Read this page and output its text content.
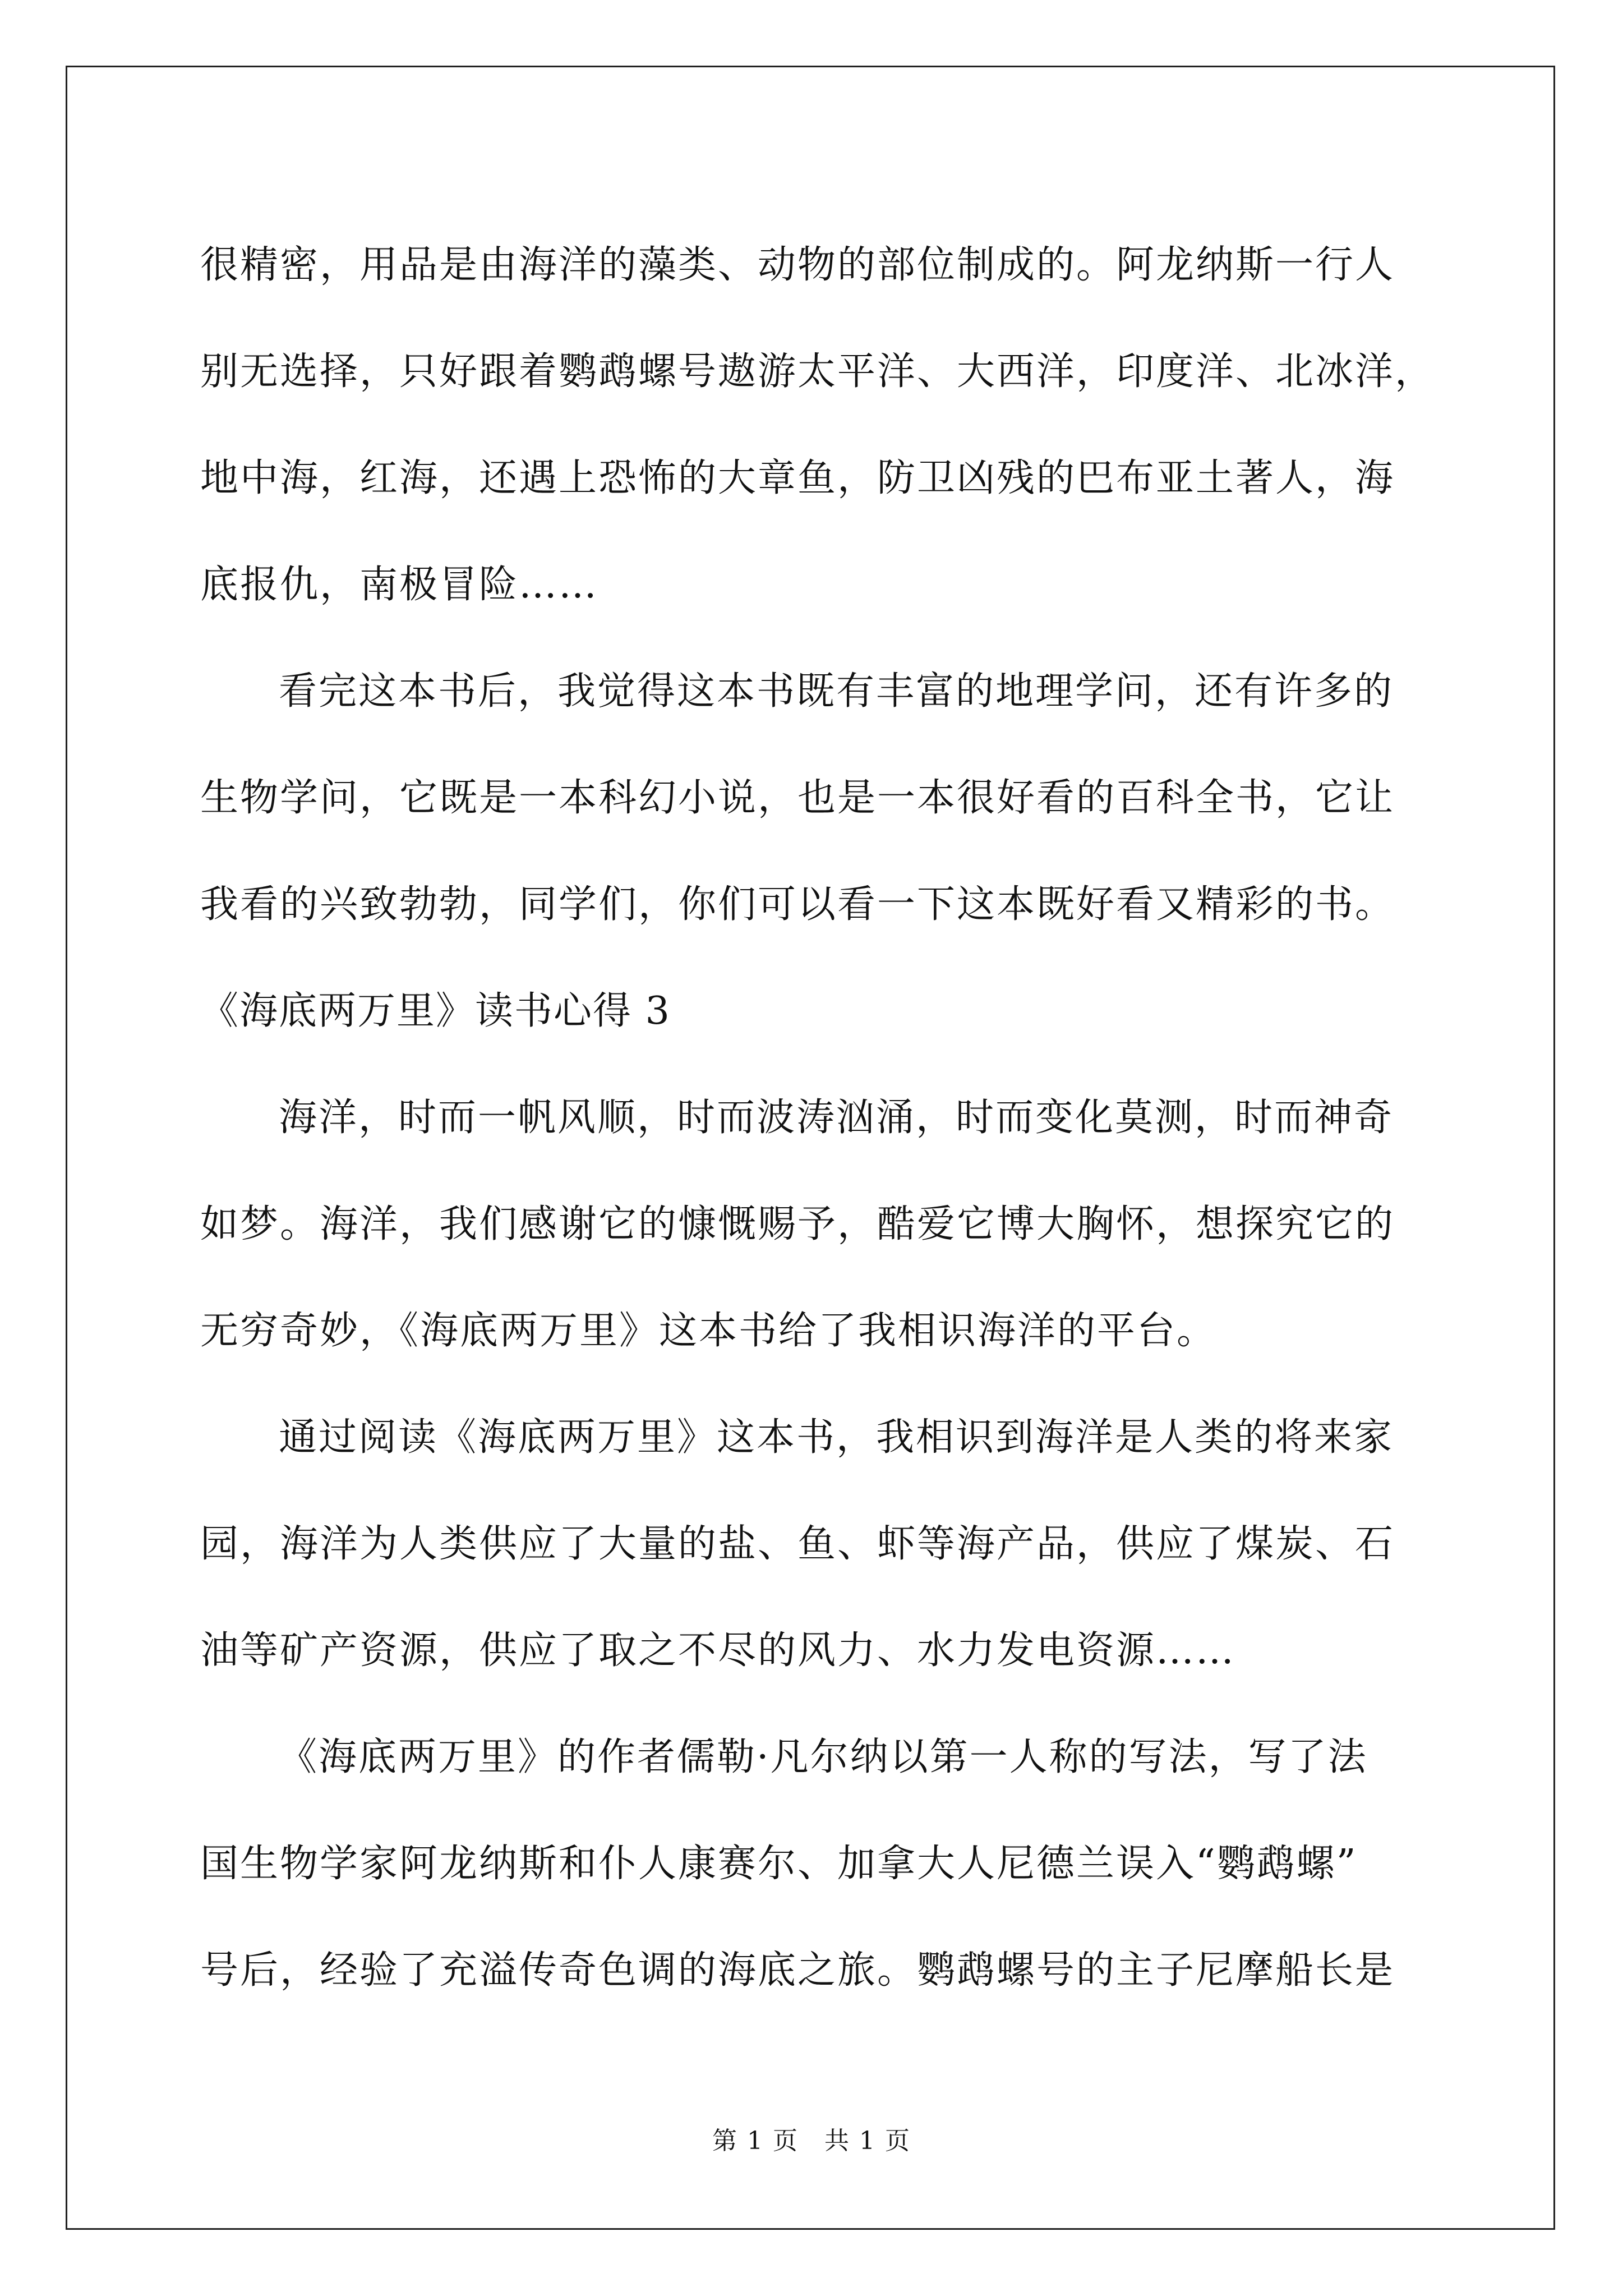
很精密，用品是由海洋的藻类、动物的部位制成的。阿龙纳斯一行人
别无选择，只好跟着鹦鹉螺号遨游太平洋、大西洋，印度洋、北冰洋，
地中海，红海，还遇上恐怖的大章鱼，防卫凶残的巴布亚土著人，海
底报仇，南极冒险……
看完这本书后，我觉得这本书既有丰富的地理学问，还有许多的
生物学问，它既是一本科幻小说，也是一本很好看的百科全书，它让
我看的兴致勃勃，同学们，你们可以看一下这本既好看又精彩的书。
《海底两万里》读书心得 3
海洋，时而一帆风顺，时而波涛汹涌，时而变化莫测，时而神奇
如梦。海洋，我们感谢它的慷慨赐予，酷爱它博大胸怀，想探究它的
无穷奇妙，《海底两万里》这本书给了我相识海洋的平台。
通过阅读《海底两万里》这本书，我相识到海洋是人类的将来家
园，海洋为人类供应了大量的盐、鱼、虾等海产品，供应了煤炭、石
油等矿产资源，供应了取之不尽的风力、水力发电资源……
《海底两万里》的作者儒勒·凡尔纳以第一人称的写法，写了法
国生物学家阿龙纳斯和仆人康赛尔、加拿大人尼德兰误入“鹦鹉螺”
号后，经验了充溢传奇色调的海底之旅。鹦鹉螺号的主子尼摩船长是
第 1 页　共 1 页
